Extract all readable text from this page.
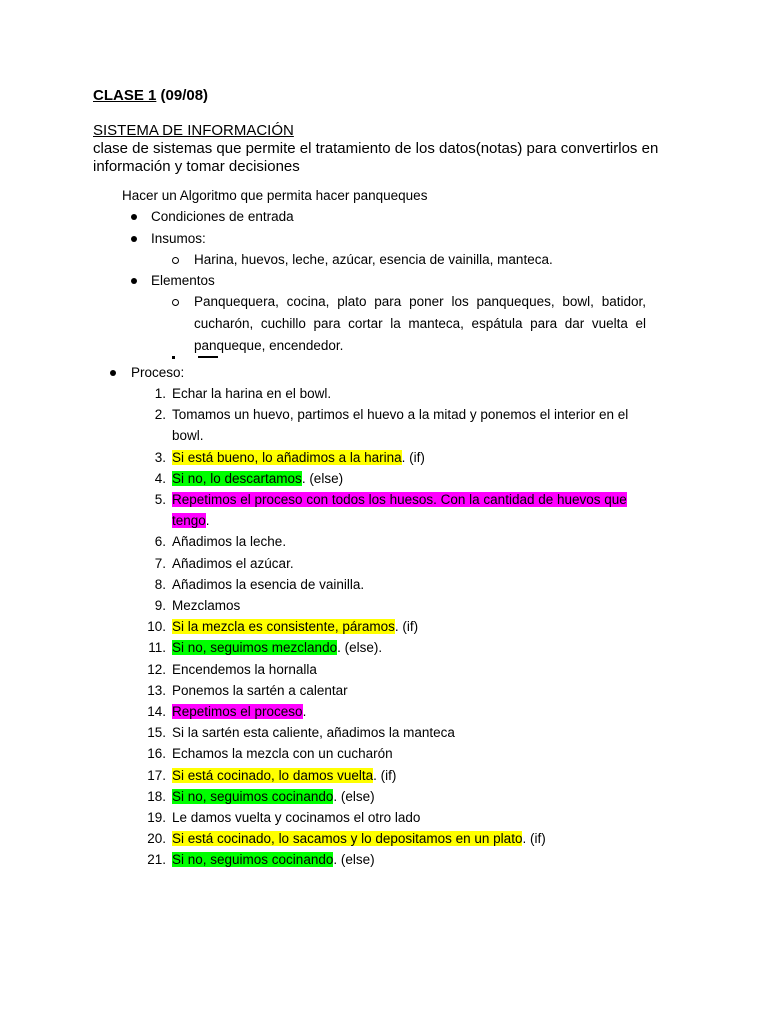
CLASE 1 (09/08)
SISTEMA DE INFORMACIÓN
clase de sistemas que permite el tratamiento de los datos(notas) para convertirlos en
información y tomar decisiones
Hacer un Algoritmo que permita hacer panqueques
Condiciones de entrada
Insumos:
Harina, huevos, leche, azúcar, esencia de vainilla, manteca.
Elementos
Panquequera, cocina, plato para poner los panqueques, bowl, batidor,
cucharón, cuchillo para cortar la manteca, espátula para dar vuelta el
panqueque, encendedor.
Proceso:
1. Echar la harina en el bowl.
2. Tomamos un huevo, partimos el huevo a la mitad y ponemos el interior en el
bowl.
3. Si está bueno, lo añadimos a la harina. (if)
4. Si no, lo descartamos. (else)
5. Repetimos el proceso con todos los huesos. Con la cantidad de huevos que
tengo.
6. Añadimos la leche.
7. Añadimos el azúcar.
8. Añadimos la esencia de vainilla.
9. Mezclamos
10. Si la mezcla es consistente, páramos. (if)
11. Si no, seguimos mezclando. (else).
12. Encendemos la hornalla
13. Ponemos la sartén a calentar
14. Repetimos el proceso.
15. Si la sartén esta caliente, añadimos la manteca
16. Echamos la mezcla con un cucharón
17. Si está cocinado, lo damos vuelta. (if)
18. Si no, seguimos cocinando. (else)
19. Le damos vuelta y cocinamos el otro lado
20. Si está cocinado, lo sacamos y lo depositamos en un plato. (if)
21. Si no, seguimos cocinando. (else)
